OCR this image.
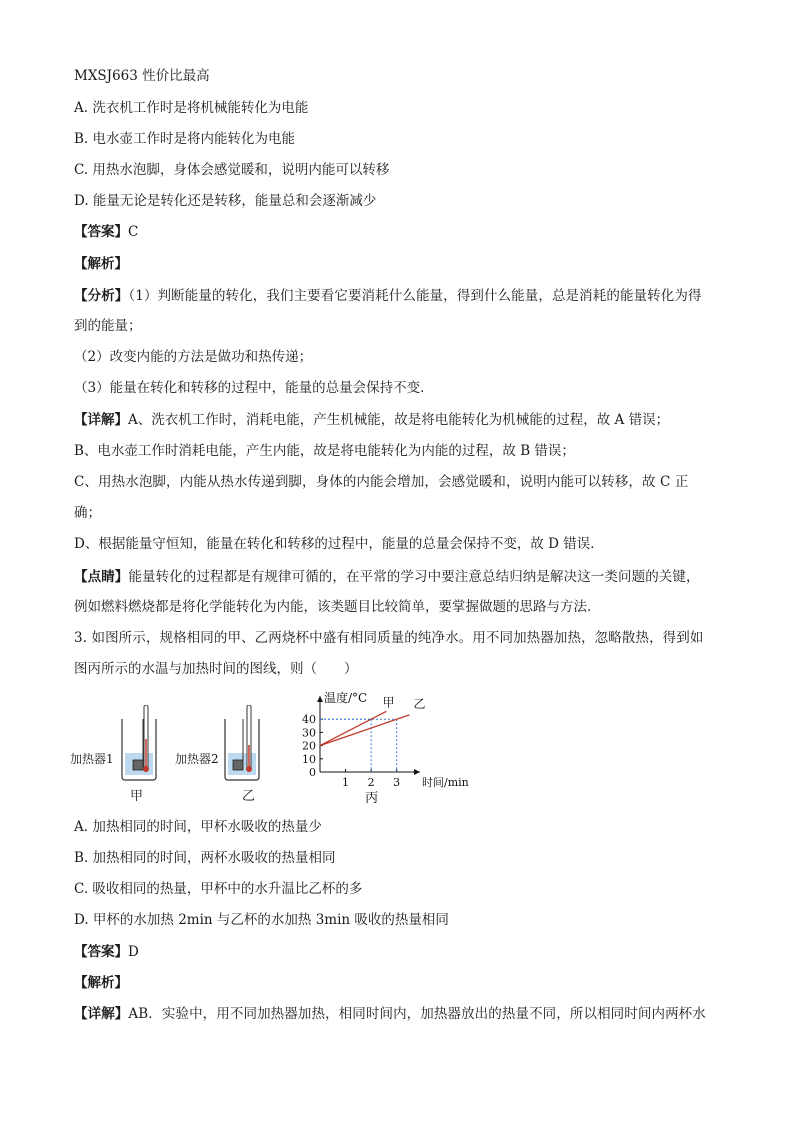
MXSJ663 性价比最高
A. 洗衣机工作时是将机械能转化为电能
B. 电水壶工作时是将内能转化为电能
C. 用热水泡脚，身体会感觉暖和，说明内能可以转移
D. 能量无论是转化还是转移，能量总和会逐渐减少
【答案】C
【解析】
【分析】（1）判断能量的转化，我们主要看它要消耗什么能量，得到什么能量，总是消耗的能量转化为得
到的能量；
（2）改变内能的方法是做功和热传递；
（3）能量在转化和转移的过程中，能量的总量会保持不变．
【详解】A、洗衣机工作时，消耗电能，产生机械能，故是将电能转化为机械能的过程，故 A 错误；
B、电水壶工作时消耗电能，产生内能，故是将电能转化为内能的过程，故 B 错误；
C、用热水泡脚，内能从热水传递到脚，身体的内能会增加，会感觉暖和，说明内能可以转移，故 C 正
确；
D、根据能量守恒知，能量在转化和转移的过程中，能量的总量会保持不变，故 D 错误．
【点睛】能量转化的过程都是有规律可循的，在平常的学习中要注意总结归纳是解决这一类问题的关键，
例如燃料燃烧都是将化学能转化为内能，该类题目比较简单，要掌握做题的思路与方法．
3. 如图所示，规格相同的甲、乙两烧杯中盛有相同质量的纯净水。用不同加热器加热，忽略散热，得到如
图丙所示的水温与加热时间的图线，则（　　）
加热器1
甲
加热器2
乙
0
10
20
30
40
1 2 3
甲 乙
温度/°C
时间/min
丙
A. 加热相同的时间，甲杯水吸收的热量少
B. 加热相同的时间，两杯水吸收的热量相同
C. 吸收相同的热量，甲杯中的水升温比乙杯的多
D. 甲杯的水加热 2min 与乙杯的水加热 3min 吸收的热量相同
【答案】D
【解析】
【详解】AB．实验中，用不同加热器加热，相同时间内，加热器放出的热量不同，所以相同时间内两杯水
